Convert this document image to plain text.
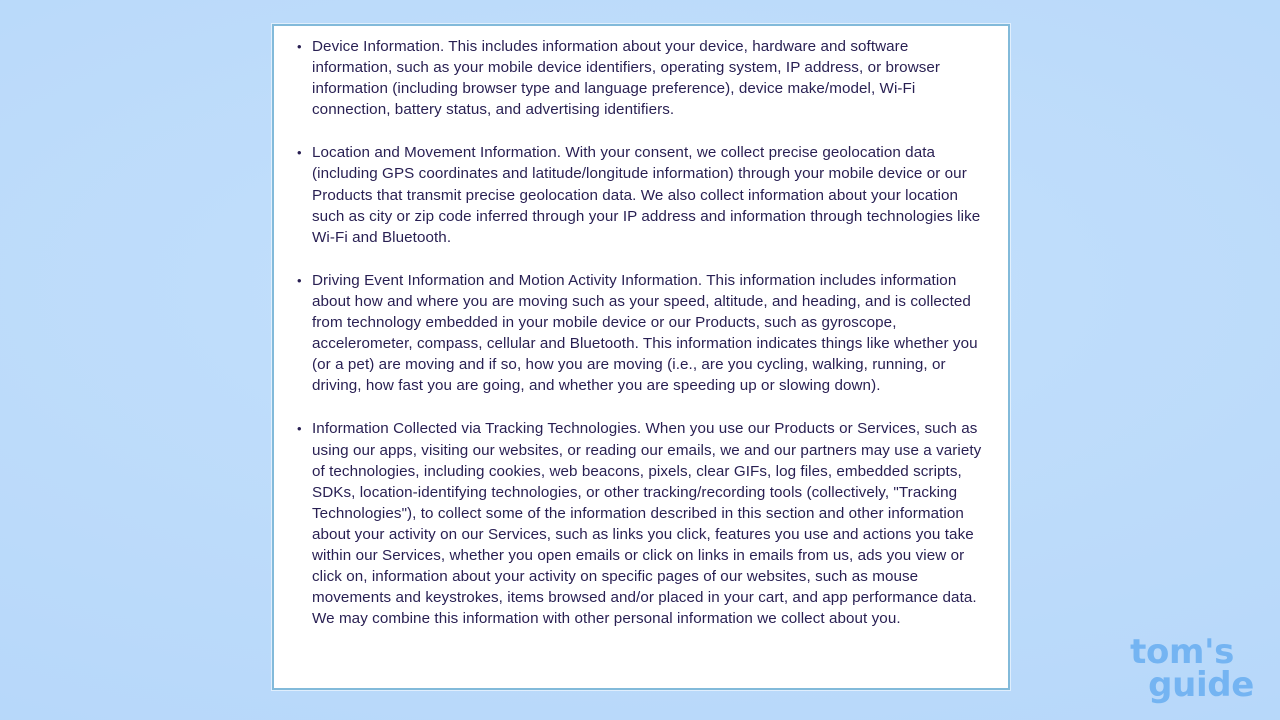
• Device Information. This includes information about your device, hardware and software information, such as your mobile device identifiers, operating system, IP address, or browser information (including browser type and language preference), device make/model, Wi-Fi connection, battery status, and advertising identifiers.
• Location and Movement Information. With your consent, we collect precise geolocation data (including GPS coordinates and latitude/longitude information) through your mobile device or our Products that transmit precise geolocation data. We also collect information about your location such as city or zip code inferred through your IP address and information through technologies like Wi-Fi and Bluetooth.
• Driving Event Information and Motion Activity Information. This information includes information about how and where you are moving such as your speed, altitude, and heading, and is collected from technology embedded in your mobile device or our Products, such as gyroscope, accelerometer, compass, cellular and Bluetooth. This information indicates things like whether you (or a pet) are moving and if so, how you are moving (i.e., are you cycling, walking, running, or driving, how fast you are going, and whether you are speeding up or slowing down).
• Information Collected via Tracking Technologies. When you use our Products or Services, such as using our apps, visiting our websites, or reading our emails, we and our partners may use a variety of technologies, including cookies, web beacons, pixels, clear GIFs, log files, embedded scripts, SDKs, location-identifying technologies, or other tracking/recording tools (collectively, "Tracking Technologies"), to collect some of the information described in this section and other information about your activity on our Services, such as links you click, features you use and actions you take within our Services, whether you open emails or click on links in emails from us, ads you view or click on, information about your activity on specific pages of our websites, such as mouse movements and keystrokes, items browsed and/or placed in your cart, and app performance data. We may combine this information with other personal information we collect about you.
tom's
guide
